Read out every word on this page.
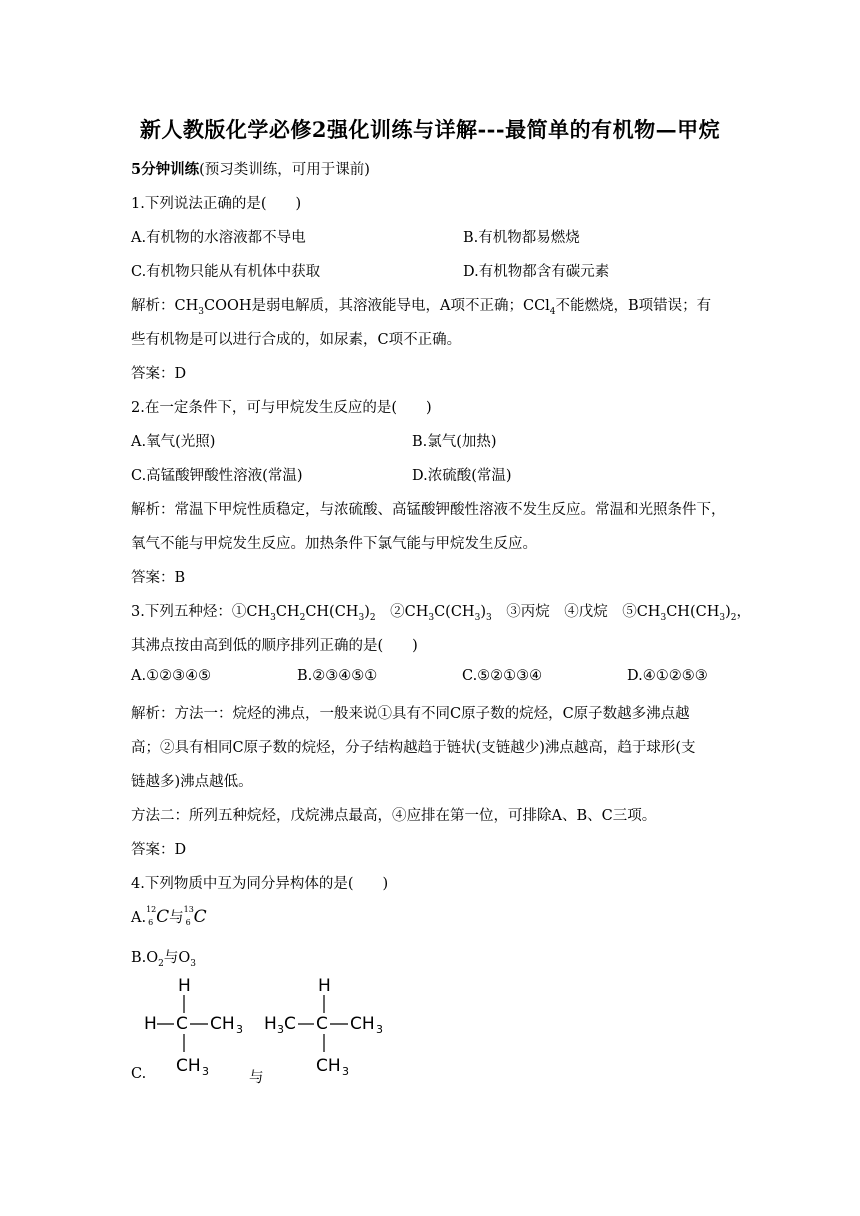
新人教版化学必修2强化训练与详解---最简单的有机物—甲烷
5分钟训练(预习类训练，可用于课前)
1.下列说法正确的是(　　)
A.有机物的水溶液都不导电	B.有机物都易燃烧
C.有机物只能从有机体中获取	D.有机物都含有碳元素
解析：$CH_3COOH$是弱电解质，其溶液能导电，A项不正确；CCl$_4$不能燃烧，B项错误；有
些有机物是可以进行合成的，如尿素，C项不正确。
答案：D
2.在一定条件下，可与甲烷发生反应的是(　　)
A.氧气(光照)	B.氯气(加热)
C.高锰酸钾酸性溶液(常温)	D.浓硫酸(常温)
解析：常温下甲烷性质稳定，与浓硫酸、高锰酸钾酸性溶液不发生反应。常温和光照条件下，
氧气不能与甲烷发生反应。加热条件下氯气能与甲烷发生反应。
答案：B
3.下列五种烃：$①CH_3CH_2CH(CH_3)_2$　$②CH_3C(CH_3)_3$　③丙烷　④戊烷　$⑤CH_3CH(CH_3)_2$，
其沸点按由高到低的顺序排列正确的是(　　)
A.①②③④⑤	B.②③④⑤①	C.⑤②①③④	D.④①②⑤③
解析：方法一：烷烃的沸点，一般来说①具有不同C原子数的烷烃，C原子数越多沸点越
高；②具有相同C原子数的烷烃，分子结构越趋于链状(支链越少)沸点越高，趋于球形(支
链越多)沸点越低。
方法二：所列五种烷烃，戊烷沸点最高，④应排在第一位，可排除A、B、C三项。
答案：D
4.下列物质中互为同分异构体的是(　　)
A.
12
6 C与
13
6 C
$B.O_2$与$O_3$
H
H C CH 3
CH 3
H
H 3 C C CH 3
CH 3
C.	与
